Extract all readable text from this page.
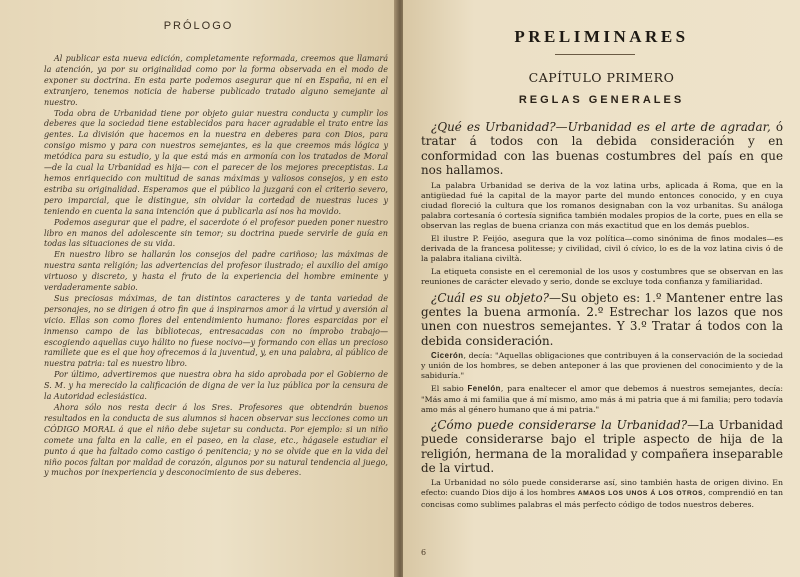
PRÓLOGO

Al publicar esta nueva edición, completamente reformada, creemos que llamará la atención, ya por su originalidad como por la forma observada en el modo de exponer su doctrina. En esta parte podemos asegurar que ni en España, ni en el extranjero, tenemos noticia de haberse publicado tratado alguno semejante al nuestro.

Toda obra de Urbanidad tiene por objeto guiar nuestra conducta y cumplir los deberes que la sociedad tiene establecidos para hacer agradable el trato entre las gentes. La división que hacemos en la nuestra en deberes para con Dios, para consigo mismo y para con nuestros semejantes, es la que creemos más lógica y metódica para su estudio, y la que está más en armonía con los tratados de Moral —de la cual la Urbanidad es hija— con el parecer de los mejores preceptistas. La hemos enriquecido con multitud de sanas máximas y valiosos consejos, y en esto estriba su originalidad. Esperamos que el público la juzgará con el criterio severo, pero imparcial, que le distingue, sin olvidar la cortedad de nuestras luces y teniendo en cuenta la sana intención que á publicarla así nos ha movido.

Podemos asegurar que el padre, el sacerdote ó el profesor pueden poner nuestro libro en manos del adolescente sin temor; su doctrina puede servirle de guía en todas las situaciones de su vida.

En nuestro libro se hallarán los consejos del padre cariñoso; las máximas de nuestra santa religión; las advertencias del profesor ilustrado; el auxilio del amigo virtuoso y discreto, y hasta el fruto de la experiencia del hombre eminente y verdaderamente sabio.

Sus preciosas máximas, de tan distintos caracteres y de tanta variedad de personajes, no se dirigen á otro fin que á inspirarnos amor á la virtud y aversión al vicio. Ellas son como flores del entendimiento humano: flores esparcidas por el inmenso campo de las bibliotecas, entresacadas con no ímprobo trabajo—escogiendo aquellas cuyo hálito no fuese nocivo—y formando con ellas un precioso ramillete que es el que hoy ofrecemos á la juventud, y, en una palabra, al público de nuestra patria: tal es nuestro libro.

Por último, advertiremos que nuestra obra ha sido aprobada por el Gobierno de S. M. y ha merecido la calificación de digna de ver la luz pública por la censura de la Autoridad eclesiástica.

Ahora sólo nos resta decir á los Sres. Profesores que obtendrán buenos resultados en la conducta de sus alumnos si hacen observar sus lecciones como un CÓDIGO MORAL á que el niño debe sujetar su conducta. Por ejemplo: si un niño comete una falta en la calle, en el paseo, en la clase, etc., hágasele estudiar el punto á que ha faltado como castigo ó penitencia; y no se olvide que en la vida del niño pocos faltan por maldad de corazón, algunos por su natural tendencia al juego, y muchos por inexperiencia y desconocimiento de sus deberes.

PRELIMINARES
CAPÍTULO PRIMERO
REGLAS GENERALES

¿Qué es Urbanidad?—Urbanidad es el arte de agradar, ó tratar á todos con la debida consideración y en conformidad con las buenas costumbres del país en que nos hallamos.

La palabra Urbanidad se deriva de la voz latina urbs, aplicada á Roma, que en la antigüedad fué la capital de la mayor parte del mundo entonces conocido, y en cuya ciudad floreció la cultura que los romanos designaban con la voz urbanitas. Su análoga palabra cortesanía ó cortesía significa también modales propios de la corte, pues en ella se observan las reglas de buena crianza con más exactitud que en los demás pueblos.

El ilustre P. Feijóo, asegura que la voz política—como sinónima de finos modales—es derivada de la francesa politesse; y civilidad, civil ó cívico, lo es de la voz latina civis ó de la palabra italiana civiltà.

La etiqueta consiste en el ceremonial de los usos y costumbres que se observan en las reuniones de carácter elevado y serio, donde se excluye toda confianza y familiaridad.

¿Cuál es su objeto?—Su objeto es: 1.º Mantener entre las gentes la buena armonía. 2.º Estrechar los lazos que nos unen con nuestros semejantes. Y 3.º Tratar á todos con la debida consideración.

Cicerón, decía: "Aquellas obligaciones que contribuyen á la conservación de la sociedad y unión de los hombres, se deben anteponer á las que provienen del conocimiento y de la sabiduría."

El sabio Fenelón, para enaltecer el amor que debemos á nuestros semejantes, decía: "Más amo á mi familia que á mí mismo, amo más á mi patria que á mi familia; pero todavía amo más al género humano que á mi patria."

¿Cómo puede considerarse la Urbanidad?—La Urbanidad puede considerarse bajo el triple aspecto de hija de la religión, hermana de la moralidad y compañera inseparable de la virtud.

La Urbanidad no sólo puede considerarse así, sino también hasta de origen divino. En efecto: cuando Dios dijo á los hombres AMAOS LOS UNOS Á LOS OTROS, comprendió en tan concisas como sublimes palabras el más perfecto código de todos nuestros deberes.

6
